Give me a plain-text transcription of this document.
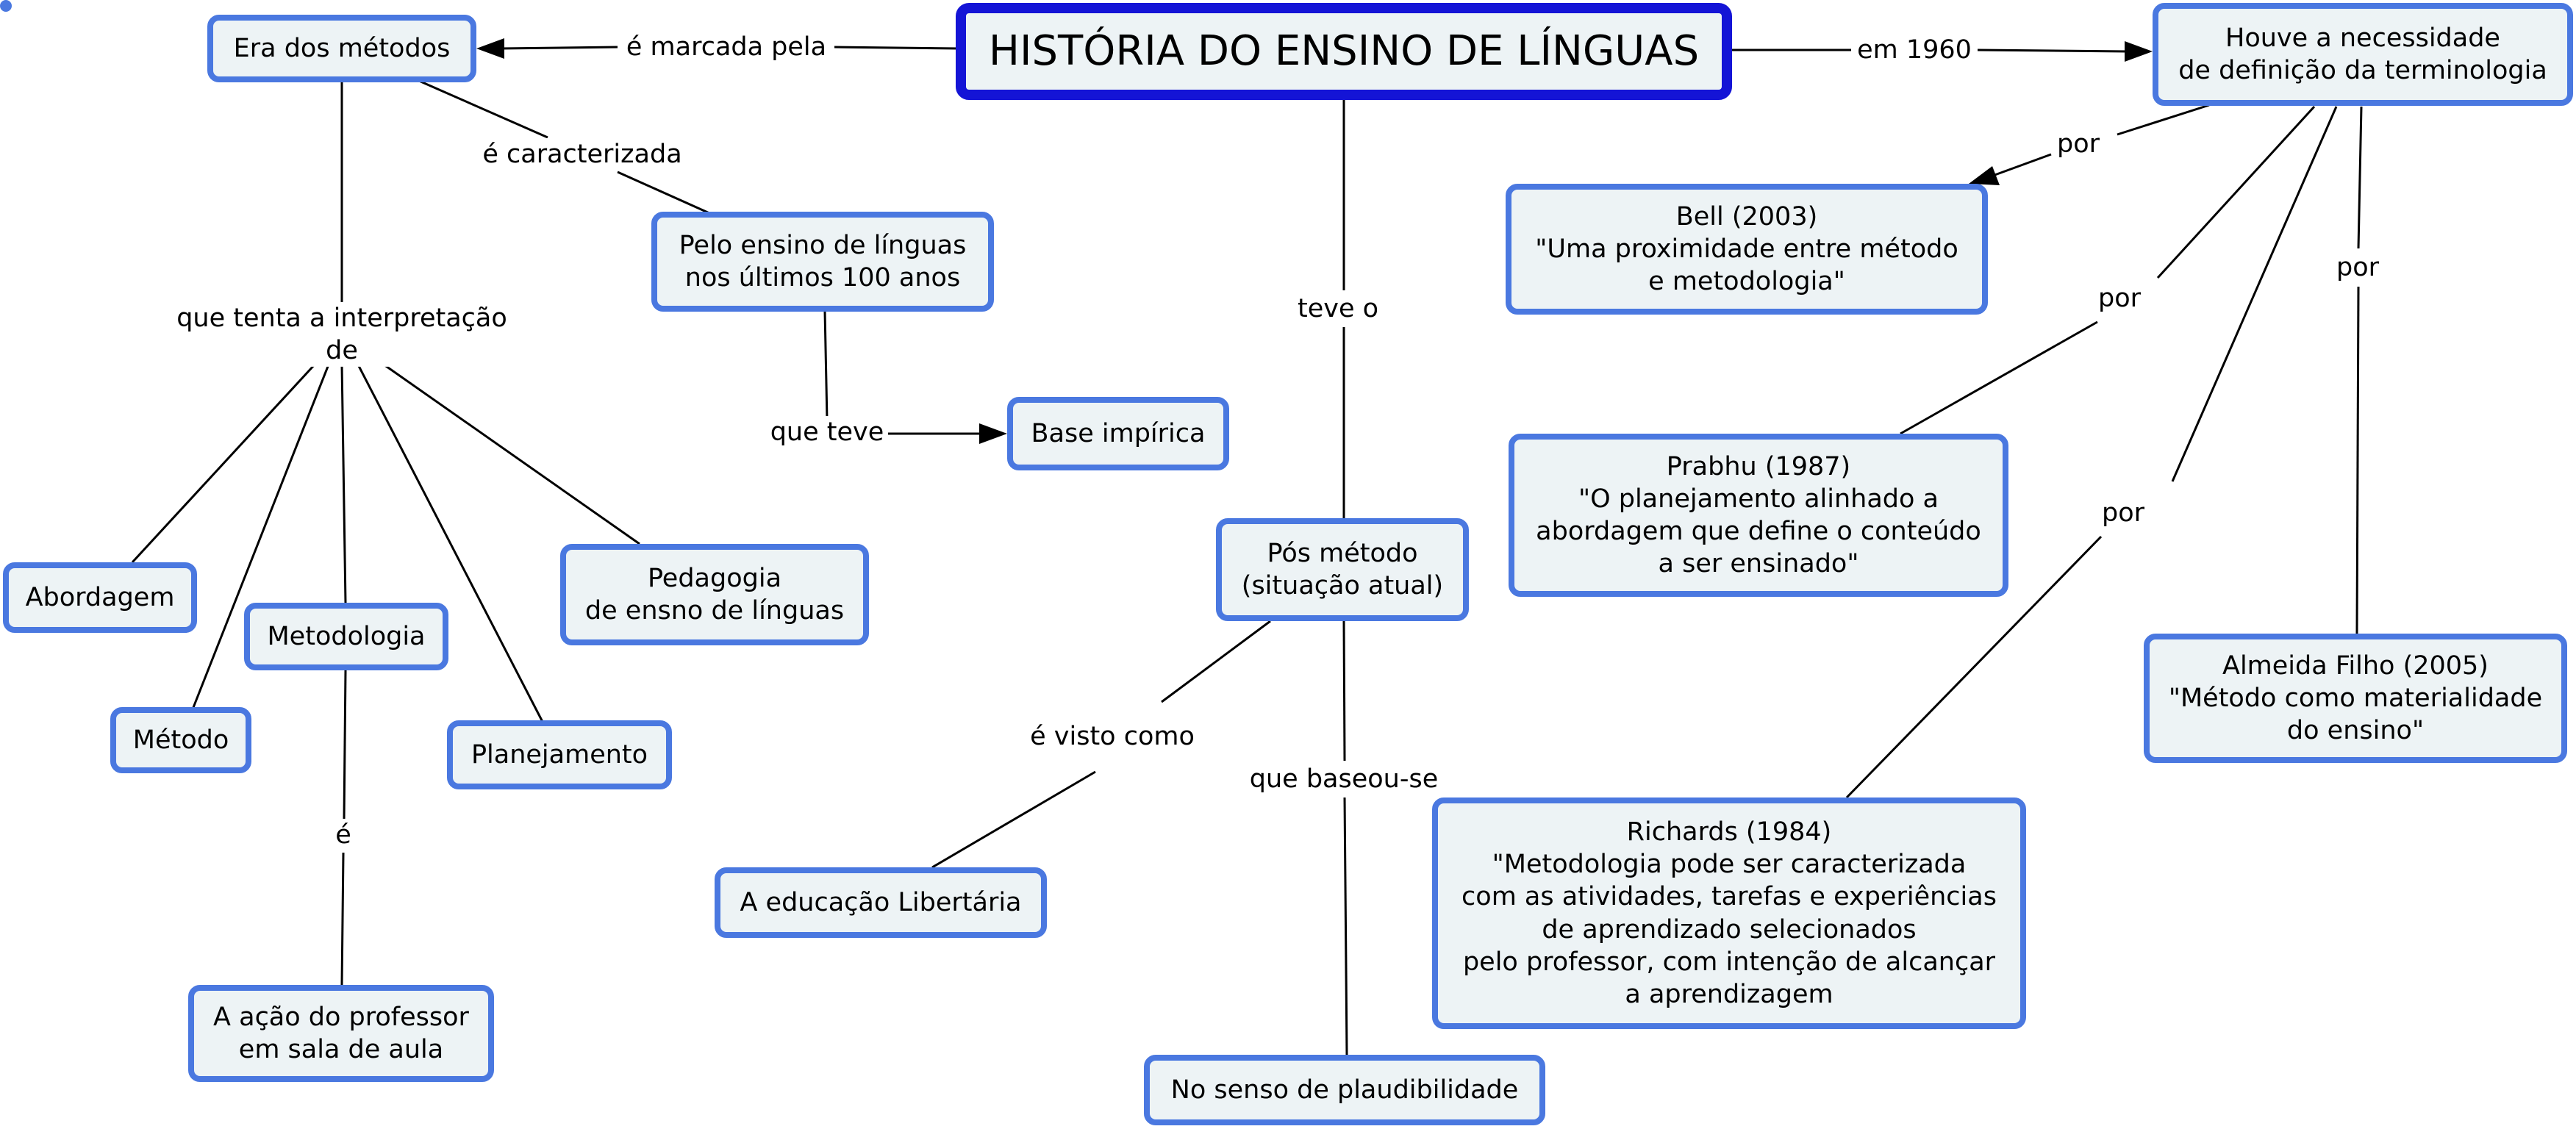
HISTÓRIA DO ENSINO DE LÍNGUAS
Era dos métodos	Houve a necessidade
de definição da terminologia
Pelo ensino de línguas
nos últimos 100 anos
Base impírica
Bell (2003)
"Uma proximidade entre método
e metodologia"
Prabhu (1987)
"O planejamento alinhado a
abordagem que define o conteúdo
a ser ensinado"
Almeida Filho (2005)
"Método como materialidade
do ensino"
Richards (1984)
"Metodologia pode ser caracterizada
com as atividades, tarefas e experiências
de aprendizado selecionados
pelo professor, com intenção de alcançar
a aprendizagem
Pós método
(situação atual)
A educação Libertária
No senso de plaudibilidade
Abordagem
Metodologia
Método	Planejamento
Pedagogia
de ensno de línguas
A ação do professor
em sala de aula
é marcada pela
é caracterizada
que tenta a interpretação
de
que teve
é
teve o
é visto como
que baseou-se
em 1960
por
por
por
por
